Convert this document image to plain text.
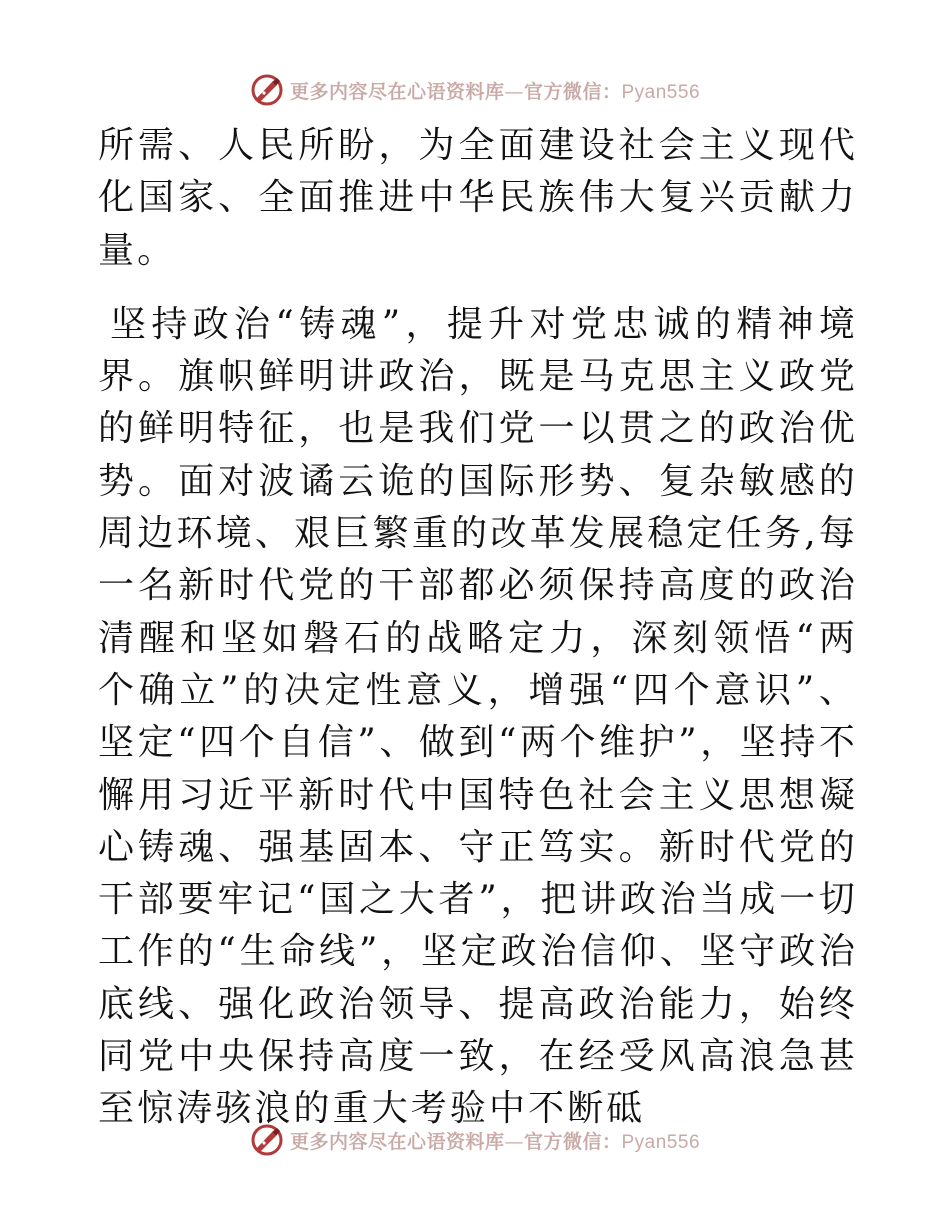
更多内容尽在心语资料库—官方微信：Pyan556

所需、人民所盼，为全面建设社会主义现代化国家、全面推进中华民族伟大复兴贡献力量。

坚持政治“铸魂”，提升对党忠诚的精神境界。旗帜鲜明讲政治，既是马克思主义政党的鲜明特征，也是我们党一以贯之的政治优势。面对波谲云诡的国际形势、复杂敏感的周边环境、艰巨繁重的改革发展稳定任务,每一名新时代党的干部都必须保持高度的政治清醒和坚如磐石的战略定力，深刻领悟“两个确立”的决定性意义，增强“四个意识”、坚定“四个自信”、做到“两个维护”，坚持不懈用习近平新时代中国特色社会主义思想凝心铸魂、强基固本、守正笃实。新时代党的干部要牢记“国之大者”，把讲政治当成一切工作的“生命线”，坚定政治信仰、坚守政治底线、强化政治领导、提高政治能力，始终同党中央保持高度一致，在经受风高浪急甚至惊涛骇浪的重大考验中不断砥

更多内容尽在心语资料库—官方微信：Pyan556
